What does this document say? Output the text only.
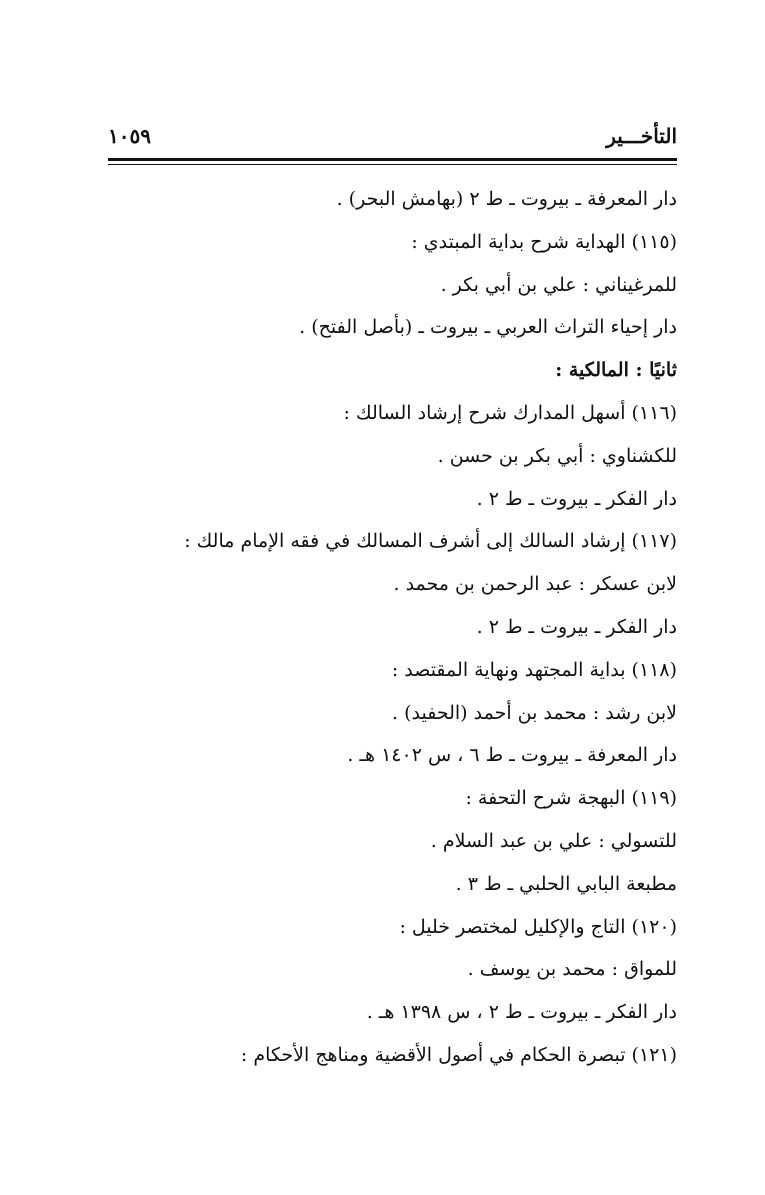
التأخـــير
١٠٥٩
دار المعرفة ـ بيروت ـ ط ٢ (بهامش البحر) .
(١١٥) الهداية شرح بداية المبتدي :
للمرغيناني : علي بن أبي بكر .
دار إحياء التراث العربي ـ بيروت ـ (بأصل الفتح) .
ثانيًا : المالكية :
(١١٦) أسهل المدارك شرح إرشاد السالك :
للكشناوي : أبي بكر بن حسن .
دار الفكر ـ بيروت ـ ط ٢ .
(١١٧) إرشاد السالك إلى أشرف المسالك في فقه الإمام مالك :
لابن عسكر : عبد الرحمن بن محمد .
دار الفكر ـ بيروت ـ ط ٢ .
(١١٨) بداية المجتهد ونهاية المقتصد :
لابن رشد : محمد بن أحمد (الحفيد) .
دار المعرفة ـ بيروت ـ ط ٦ ، س ١٤٠٢ هـ .
(١١٩) البهجة شرح التحفة :
للتسولي : علي بن عبد السلام .
مطبعة البابي الحلبي ـ ط ٣ .
(١٢٠) التاج والإكليل لمختصر خليل :
للمواق : محمد بن يوسف .
دار الفكر ـ بيروت ـ ط ٢ ، س ١٣٩٨ هـ .
(١٢١) تبصرة الحكام في أصول الأقضية ومناهج الأحكام :
